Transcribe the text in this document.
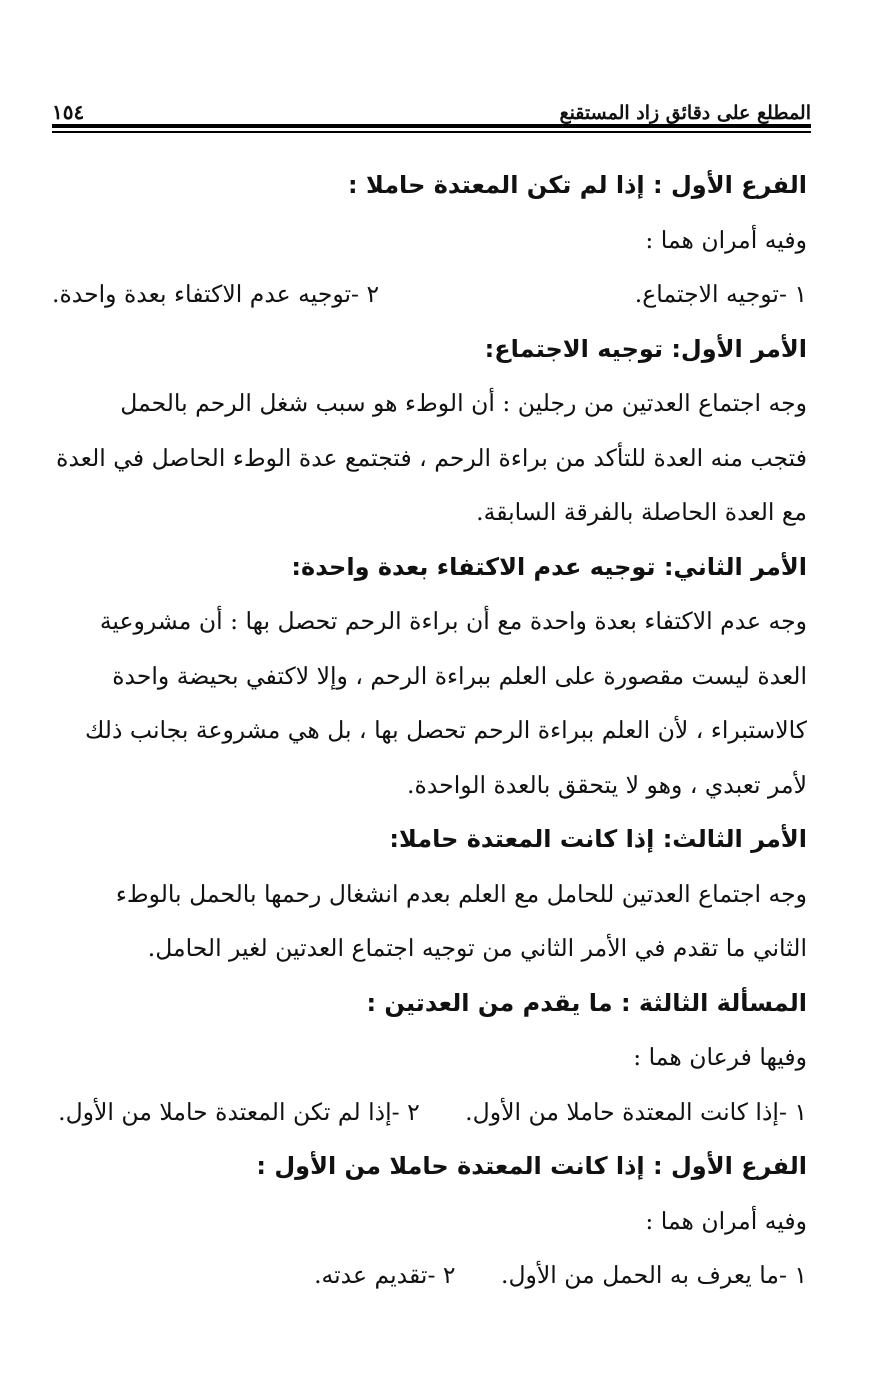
١٥٤	المطلع على دقائق زاد المستقنع

الفرع الأول : إذا لم تكن المعتدة حاملا :

وفيه أمران هما :

١ -توجيه الاجتماع.
٢ -توجيه عدم الاكتفاء بعدة واحدة.

الأمر الأول: توجيه الاجتماع:

وجه اجتماع العدتين من رجلين : أن الوطء هو سبب شغل الرحم بالحمل

فتجب منه العدة للتأكد من براءة الرحم ، فتجتمع عدة الوطء الحاصل في العدة

مع العدة الحاصلة بالفرقة السابقة.

الأمر الثاني: توجيه عدم الاكتفاء بعدة واحدة:

وجه عدم الاكتفاء بعدة واحدة مع أن براءة الرحم تحصل بها : أن مشروعية

العدة ليست مقصورة على العلم ببراءة الرحم ، وإلا لاكتفي بحيضة واحدة

كالاستبراء ، لأن العلم ببراءة الرحم تحصل بها ، بل هي مشروعة بجانب ذلك

لأمر تعبدي ، وهو لا يتحقق بالعدة الواحدة.

الأمر الثالث: إذا كانت المعتدة حاملا:

وجه اجتماع العدتين للحامل مع العلم بعدم انشغال رحمها بالحمل بالوطء

الثاني ما تقدم في الأمر الثاني من توجيه اجتماع العدتين لغير الحامل.

المسألة الثالثة : ما يقدم من العدتين :

وفيها فرعان هما :

١ -إذا كانت المعتدة حاملا من الأول. ٢ -إذا لم تكن المعتدة حاملا من الأول.

الفرع الأول : إذا كانت المعتدة حاملا من الأول :

وفيه أمران هما :

١ -ما يعرف به الحمل من الأول. ٢ -تقديم عدته.
